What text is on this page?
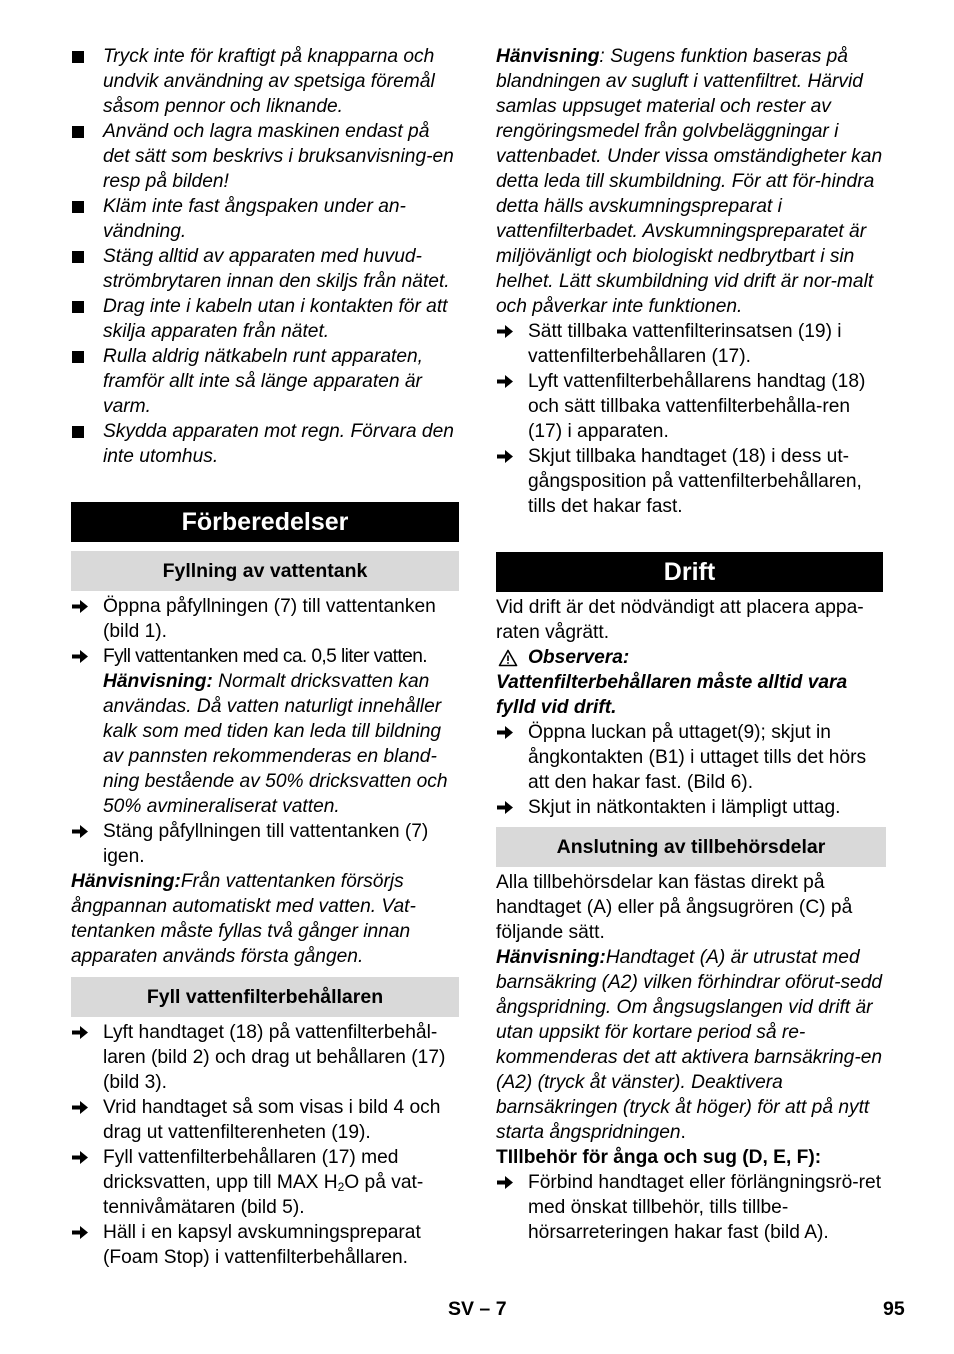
Tryck inte för kraftigt på knapparna och undvik användning av spetsiga föremål såsom pennor och liknande.
Använd och lagra maskinen endast på det sätt som beskrivs i bruksanvisning-en resp på bilden!
Kläm inte fast ångspaken under an-vändning.
Stäng alltid av apparaten med huvud-strömbrytaren innan den skiljs från nätet.
Drag inte i kabeln utan i kontakten för att skilja apparaten från nätet.
Rulla aldrig nätkabeln runt apparaten, framför allt inte så länge apparaten är varm.
Skydda apparaten mot regn. Förvara den inte utomhus.
Förberedelser
Fyllning av vattentank
Öppna påfyllningen (7) till vattentanken (bild 1).
Fyll vattentanken med ca. 0,5 liter vatten.
Hänvisning: Normalt dricksvatten kan användas. Då vatten naturligt innehåller kalk som med tiden kan leda till bildning av pannsten rekommenderas en bland-ning bestående av 50% dricksvatten och 50% avmineraliserat vatten.
Stäng påfyllningen till vattentanken (7) igen.

Hänvisning:Från vattentanken försörjs ångpannan automatiskt med vatten. Vat-tentanken måste fyllas två gånger innan apparaten används första gången.

Fyll vattenfilterbehållaren
Lyft handtaget (18) på vattenfilterbehål-laren (bild 2) och drag ut behållaren (17) (bild 3).
Vrid handtaget så som visas i bild 4 och drag ut vattenfilterenheten (19).
Fyll vattenfilterbehållaren (17) med dricksvatten, upp till MAX $H_2O$ på vat-tennivåmätaren (bild 5).
Häll i en kapsyl avskumningspreparat (Foam Stop) i vattenfilterbehållaren.

Hänvisning: Sugens funktion baseras på blandningen av sugluft i vattenfiltret. Härvid samlas uppsuget material och rester av rengöringsmedel från golvbeläggningar i vattenbadet. Under vissa omständigheter kan detta leda till skumbildning. För att för-hindra detta hälls avskumningspreparat i vattenfilterbadet. Avskumningspreparatet är miljövänligt och biologiskt nedbrytbart i sin helhet. Lätt skumbildning vid drift är nor-malt och påverkar inte funktionen.

Sätt tillbaka vattenfilterinsatsen (19) i vattenfilterbehållaren (17).
Lyft vattenfilterbehållarens handtag (18) och sätt tillbaka vattenfilterbehålla-ren (17) i apparaten.
Skjut tillbaka handtaget (18) i dess ut-gångsposition på vattenfilterbehållaren, tills det hakar fast.
Drift

Vid drift är det nödvändigt att placera appa-raten vågrätt.

Observera:
Vattenfilterbehållaren måste alltid vara fylld vid drift.
Öppna luckan på uttaget(9); skjut in ångkontakten (B1) i uttaget tills det hörs att den hakar fast. (Bild 6).
Skjut in nätkontakten i lämpligt uttag.
Anslutning av tillbehörsdelar

Alla tillbehörsdelar kan fästas direkt på handtaget (A) eller på ångsugrören (C) på följande sätt.

Hänvisning:Handtaget (A) är utrustat med barnsäkring (A2) vilken förhindrar oförut-sedd ångspridning. Om ångsugslangen vid drift är utan uppsikt för kortare period så re-kommenderas det att aktivera barnsäkring-en (A2) (tryck åt vänster). Deaktivera barnsäkringen (tryck åt höger) för att på nytt starta ångspridningen.

TIllbehör för ånga och sug (D, E, F):

Förbind handtaget eller förlängningsrö-ret med önskat tillbehör, tills tillbe-hörsarreteringen hakar fast (bild A).
SV – 7	95
